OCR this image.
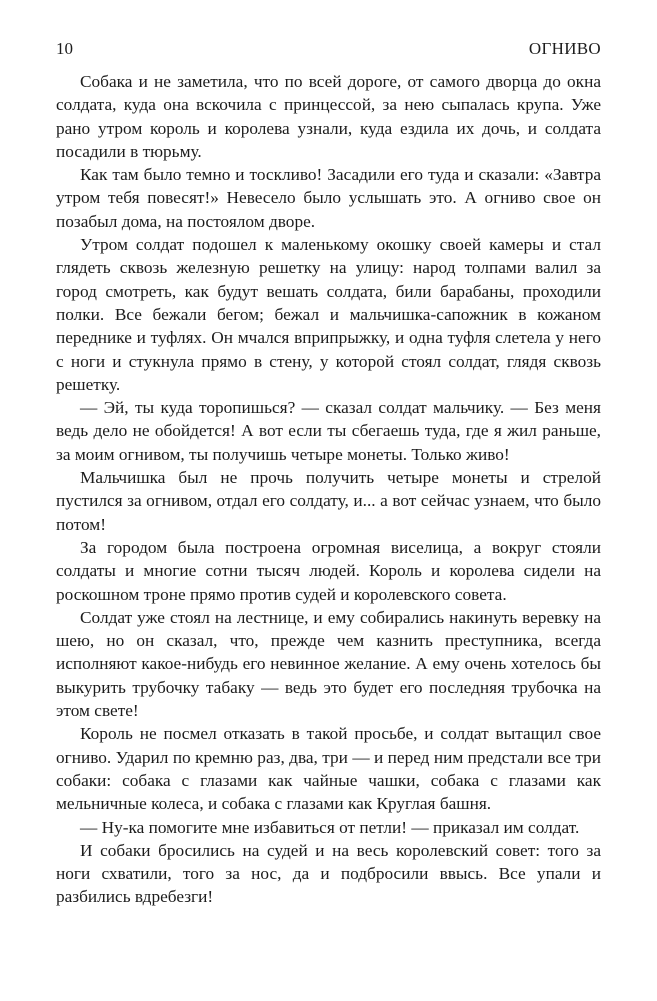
10	ОГНИВО

Собака и не заметила, что по всей дороге, от самого дворца до окна солдата, куда она вскочила с принцессой, за нею сыпалась крупа. Уже рано утром король и королева узнали, куда ездила их дочь, и солдата посадили в тюрьму.

Как там было темно и тоскливо! Засадили его туда и сказали: «Завтра утром тебя повесят!» Невесело было услышать это. А огниво свое он позабыл дома, на постоялом дворе.

Утром солдат подошел к маленькому окошку своей камеры и стал глядеть сквозь железную решетку на улицу: народ толпами валил за город смотреть, как будут вешать солдата, били барабаны, проходили полки. Все бежали бегом; бежал и мальчишка-сапожник в кожаном переднике и туфлях. Он мчался вприпрыжку, и одна туфля слетела у него с ноги и стукнула прямо в стену, у которой стоял солдат, глядя сквозь решетку.

— Эй, ты куда торопишься? — сказал солдат мальчику. — Без меня ведь дело не обойдется! А вот если ты сбегаешь туда, где я жил раньше, за моим огнивом, ты получишь четыре монеты. Только живо!

Мальчишка был не прочь получить четыре монеты и стрелой пустился за огнивом, отдал его солдату, и... а вот сейчас узнаем, что было потом!

За городом была построена огромная виселица, а вокруг стояли солдаты и многие сотни тысяч людей. Король и королева сидели на роскошном троне прямо против судей и королевского совета.

Солдат уже стоял на лестнице, и ему собирались накинуть веревку на шею, но он сказал, что, прежде чем казнить преступника, всегда исполняют какое-нибудь его невинное желание. А ему очень хотелось бы выкурить трубочку табаку — ведь это будет его последняя трубочка на этом свете!

Король не посмел отказать в такой просьбе, и солдат вытащил свое огниво. Ударил по кремню раз, два, три — и перед ним предстали все три собаки: собака с глазами как чайные чашки, собака с глазами как мельничные колеса, и собака с глазами как Круглая башня.

— Ну-ка помогите мне избавиться от петли! — приказал им солдат.

И собаки бросились на судей и на весь королевский совет: того за ноги схватили, того за нос, да и подбросили ввысь. Все упали и разбились вдребезги!
